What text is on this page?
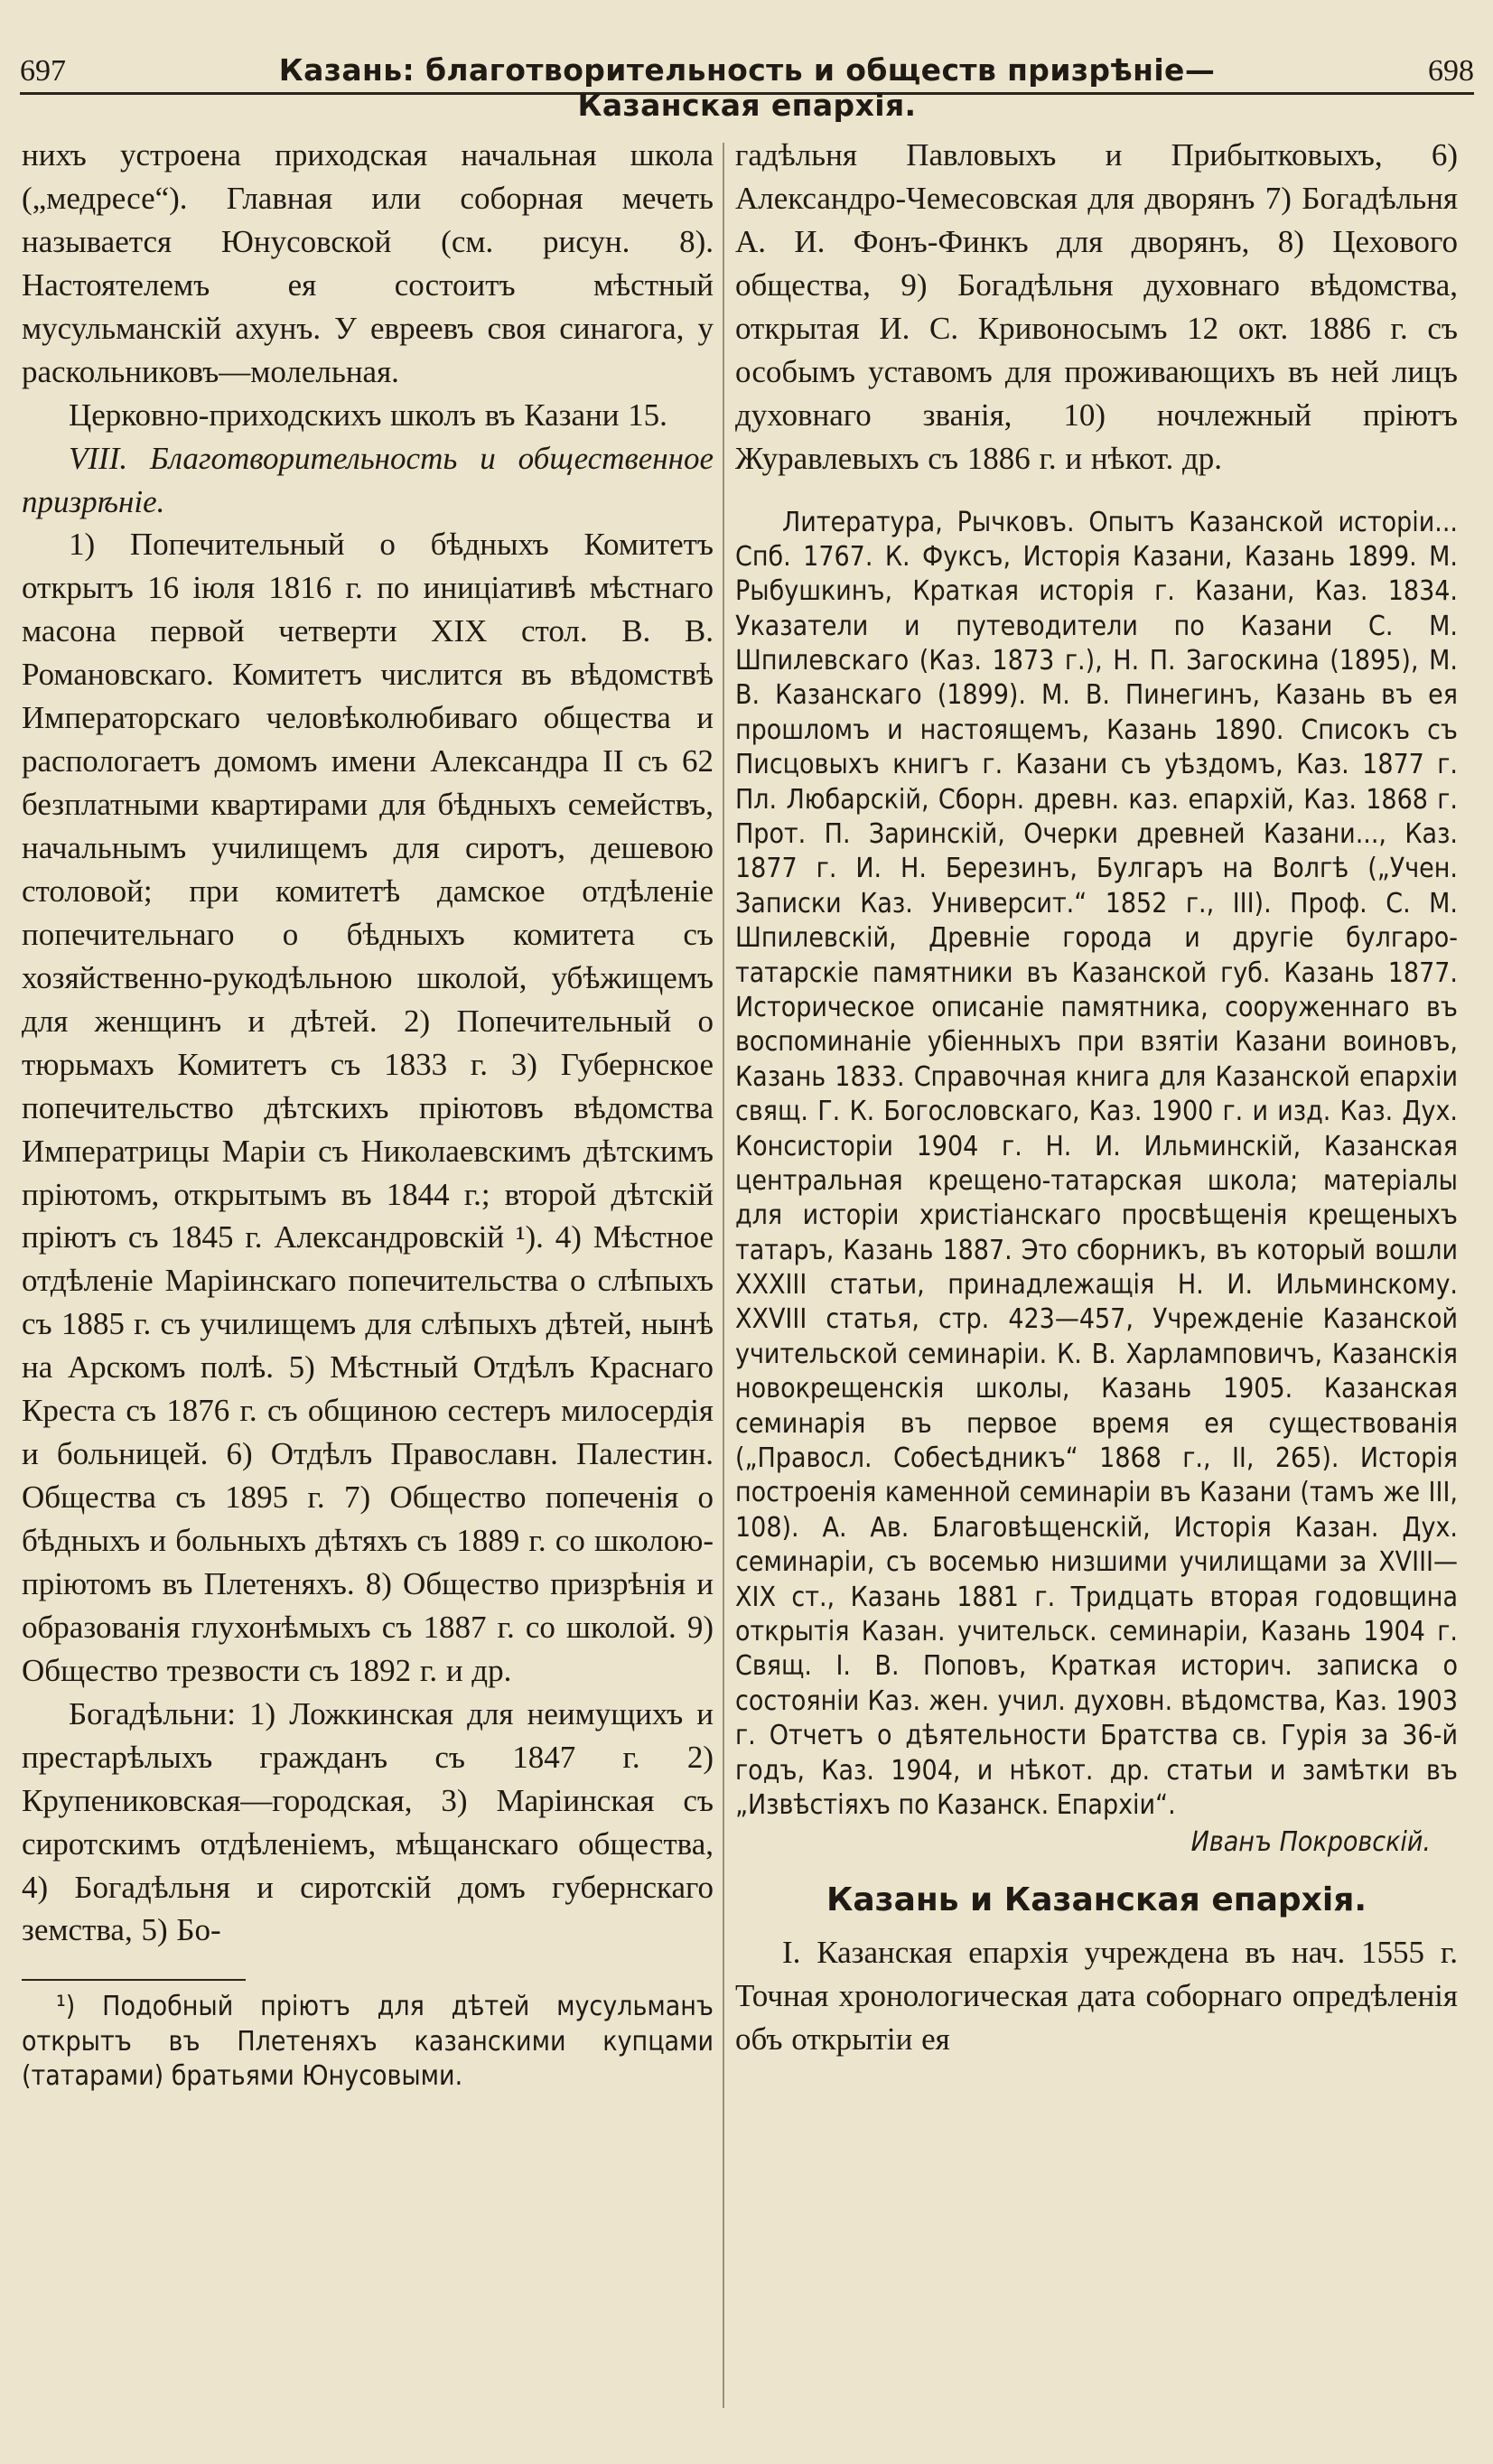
697	Казань: благотворительность и обществ призрѣніе—Казанская епархія.
698

нихъ устроена приходская начальная школа („медресе“). Главная или соборная мечеть называется Юнусовской (см. рисун. 8). Настоятелемъ ея состоитъ мѣстный мусульманскій ахунъ. У евреевъ своя синагога, у раскольниковъ—молельная.

Церковно-приходскихъ школъ въ Казани 15.

VIII. Благотворительность и общественное призрѣніе.

1) Попечительный о бѣдныхъ Комитетъ открытъ 16 іюля 1816 г. по иниціативѣ мѣстнаго масона первой четверти XIX стол. В. В. Романовскаго. Комитетъ числится въ вѣдомствѣ Императорскаго человѣколюбиваго общества и распологаетъ домомъ имени Александра II съ 62 безплатными квартирами для бѣдныхъ семействъ, начальнымъ училищемъ для сиротъ, дешевою столовой; при комитетѣ дамское отдѣленіе попечительнаго о бѣдныхъ комитета съ хозяйственно-рукодѣльною школой, убѣжищемъ для женщинъ и дѣтей. 2) Попечительный о тюрьмахъ Комитетъ съ 1833 г. 3) Губернское попечительство дѣтскихъ пріютовъ вѣдомства Императрицы Маріи съ Николаевскимъ дѣтскимъ пріютомъ, открытымъ въ 1844 г.; второй дѣтскій пріютъ съ 1845 г. Александровскій ¹). 4) Мѣстное отдѣленіе Маріинскаго попечительства о слѣпыхъ съ 1885 г. съ училищемъ для слѣпыхъ дѣтей, нынѣ на Арскомъ полѣ. 5) Мѣстный Отдѣлъ Краснаго Креста съ 1876 г. съ общиною сестеръ милосердія и больницей. 6) Отдѣлъ Православн. Палестин. Общества съ 1895 г. 7) Общество попеченія о бѣдныхъ и больныхъ дѣтяхъ съ 1889 г. со школою-пріютомъ въ Плетеняхъ. 8) Общество призрѣнія и образованія глухонѣмыхъ съ 1887 г. со школой. 9) Общество трезвости съ 1892 г. и др.

Богадѣльни: 1) Ложкинская для неимущихъ и престарѣлыхъ гражданъ съ 1847 г. 2) Крупениковская—городская, 3) Маріинская съ сиротскимъ отдѣленіемъ, мѣщанскаго общества, 4) Богадѣльня и сиротскій домъ губернскаго земства, 5) Бо-

¹) Подобный пріютъ для дѣтей мусульманъ открытъ въ Плетеняхъ казанскими купцами (татарами) братьями Юнусовыми.

гадѣльня Павловыхъ и Прибытковыхъ, 6) Александро-Чемесовская для дворянъ 7) Богадѣльня А. И. Фонъ-Финкъ для дворянъ, 8) Цехового общества, 9) Богадѣльня духовнаго вѣдомства, открытая И. С. Кривоносымъ 12 окт. 1886 г. съ особымъ уставомъ для проживающихъ въ ней лицъ духовнаго званія, 10) ночлежный пріютъ Журавлевыхъ съ 1886 г. и нѣкот. др.

Литература, Рычковъ. Опытъ Казанской исторіи... Спб. 1767. К. Фуксъ, Исторія Казани, Казань 1899. М. Рыбушкинъ, Краткая исторія г. Казани, Каз. 1834. Указатели и путеводители по Казани С. М. Шпилевскаго (Каз. 1873 г.), Н. П. Загоскина (1895), М. В. Казанскаго (1899). М. В. Пинегинъ, Казань въ ея прошломъ и настоящемъ, Казань 1890. Списокъ съ Писцовыхъ книгъ г. Казани съ уѣздомъ, Каз. 1877 г. Пл. Любарскій, Сборн. древн. каз. епархій, Каз. 1868 г. Прот. П. Заринскій, Очерки древней Казани..., Каз. 1877 г. И. Н. Березинъ, Булгаръ на Волгѣ („Учен. Записки Каз. Университ.“ 1852 г., III). Проф. С. М. Шпилевскій, Древніе города и другіе булгаро-татарскіе памятники въ Казанской губ. Казань 1877. Историческое описаніе памятника, сооруженнаго въ воспоминаніе убіенныхъ при взятіи Казани воиновъ, Казань 1833. Справочная книга для Казанской епархіи свящ. Г. К. Богословскаго, Каз. 1900 г. и изд. Каз. Дух. Консисторіи 1904 г. Н. И. Ильминскій, Казанская центральная крещено-татарская школа; матеріалы для исторіи христіанскаго просвѣщенія крещеныхъ татаръ, Казань 1887. Это сборникъ, въ который вошли XXXIII статьи, принадлежащія Н. И. Ильминскому. XXVIII статья, стр. 423—457, Учрежденіе Казанской учительской семинаріи. К. В. Харламповичъ, Казанскія новокрещенскія школы, Казань 1905. Казанская семинарія въ первое время ея существованія („Правосл. Собесѣдникъ“ 1868 г., II, 265). Исторія построенія каменной семинаріи въ Казани (тамъ же III, 108). А. Ав. Благовѣщенскій, Исторія Казан. Дух. семинаріи, съ восемью низшими училищами за XVIII—XIX ст., Казань 1881 г. Тридцать вторая годовщина открытія Казан. учительск. семинаріи, Казань 1904 г. Свящ. І. В. Поповъ, Краткая историч. записка о состояніи Каз. жен. учил. духовн. вѣдомства, Каз. 1903 г. Отчетъ о дѣятельности Братства св. Гурія за 36-й годъ, Каз. 1904, и нѣкот. др. статьи и замѣтки въ „Извѣстіяхъ по Казанск. Епархіи“.

Иванъ Покровскій.

Казань и Казанская епархія.

I. Казанская епархія учреждена въ нач. 1555 г. Точная хронологическая дата соборнаго опредѣленія объ открытіи ея
